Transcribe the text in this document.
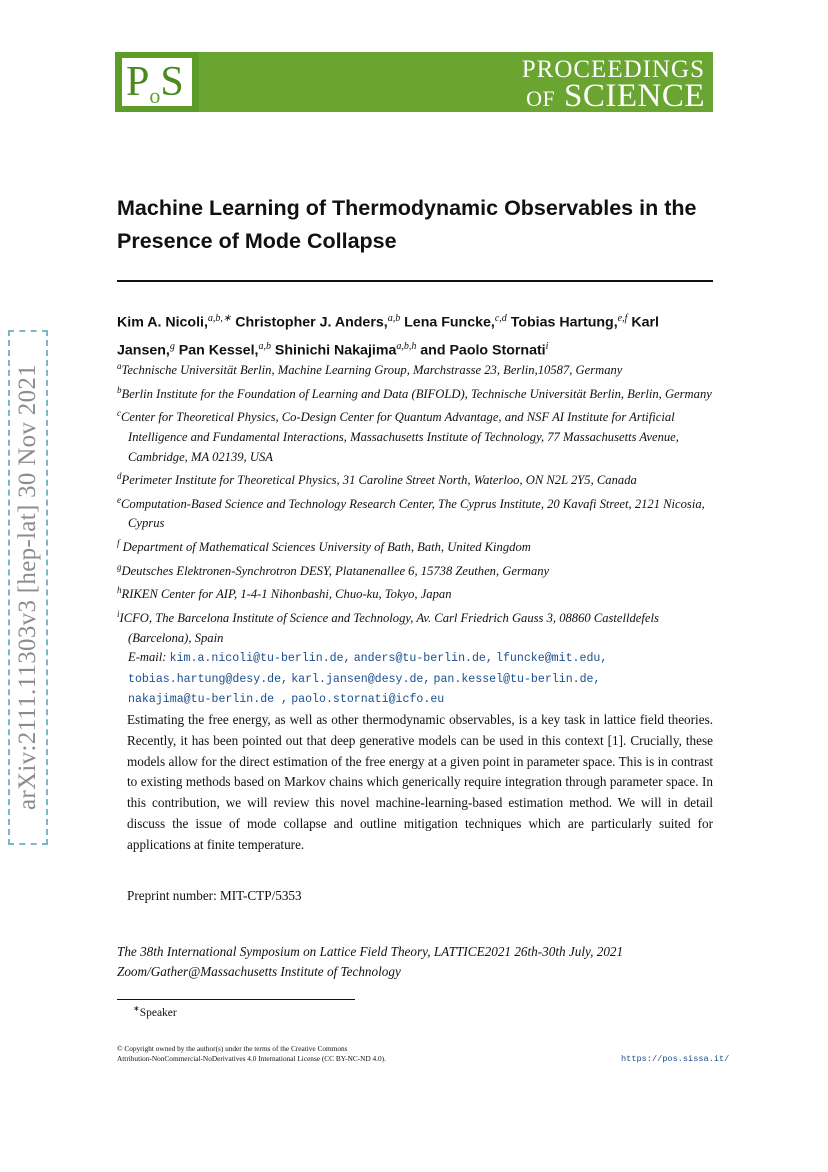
arXiv:2111.11303v3 [hep-lat] 30 Nov 2021
PoS	PROCEEDINGS
OF SCIENCE
Machine Learning of Thermodynamic Observables in the Presence of Mode Collapse
Kim A. Nicoli,$^{a,b,∗}$ Christopher J. Anders,$^{a,b}$ Lena Funcke,$^{c,d}$ Tobias Hartung,$^{e,f}$ Karl Jansen,$^g$ Pan Kessel,$^{a,b}$ Shinichi Nakajima$^{a,b,h}$ and Paolo Stornati$^i$
$^a$Technische Universität Berlin, Machine Learning Group, Marchstrasse 23, Berlin,10587, Germany
$^b$Berlin Institute for the Foundation of Learning and Data (BIFOLD), Technische Universität Berlin, Berlin, Germany
$^c$Center for Theoretical Physics, Co-Design Center for Quantum Advantage, and NSF AI Institute for Artificial Intelligence and Fundamental Interactions, Massachusetts Institute of Technology, 77 Massachusetts Avenue, Cambridge, MA 02139, USA
$^d$Perimeter Institute for Theoretical Physics, 31 Caroline Street North, Waterloo, ON N2L 2Y5, Canada
$^e$Computation-Based Science and Technology Research Center, The Cyprus Institute, 20 Kavafi Street, 2121 Nicosia, Cyprus
$^f$ Department of Mathematical Sciences University of Bath, Bath, United Kingdom
$^g$Deutsches Elektronen-Synchrotron DESY, Platanenallee 6, 15738 Zeuthen, Germany
$^h$RIKEN Center for AIP, 1-4-1 Nihonbashi, Chuo-ku, Tokyo, Japan
$^i$ICFO, The Barcelona Institute of Science and Technology, Av. Carl Friedrich Gauss 3, 08860 Castelldefels (Barcelona), Spain
E-mail: kim.a.nicoli@tu-berlin.de, anders@tu-berlin.de, lfuncke@mit.edu,
tobias.hartung@desy.de, karl.jansen@desy.de, pan.kessel@tu-berlin.de,
nakajima@tu-berlin.de , paolo.stornati@icfo.eu

Estimating the free energy, as well as other thermodynamic observables, is a key task in lattice field theories. Recently, it has been pointed out that deep generative models can be used in this context [1]. Crucially, these models allow for the direct estimation of the free energy at a given point in parameter space. This is in contrast to existing methods based on Markov chains which generically require integration through parameter space. In this contribution, we will review this novel machine-learning-based estimation method. We will in detail discuss the issue of mode collapse and outline mitigation techniques which are particularly suited for applications at finite temperature.

Preprint number: MIT-CTP/5353
The 38th International Symposium on Lattice Field Theory, LATTICE2021 26th-30th July, 2021
Zoom/Gather@Massachusetts Institute of Technology
∗Speaker
© Copyright owned by the author(s) under the terms of the Creative Commons
Attribution-NonCommercial-NoDerivatives 4.0 International License (CC BY-NC-ND 4.0).	https://pos.sissa.it/
